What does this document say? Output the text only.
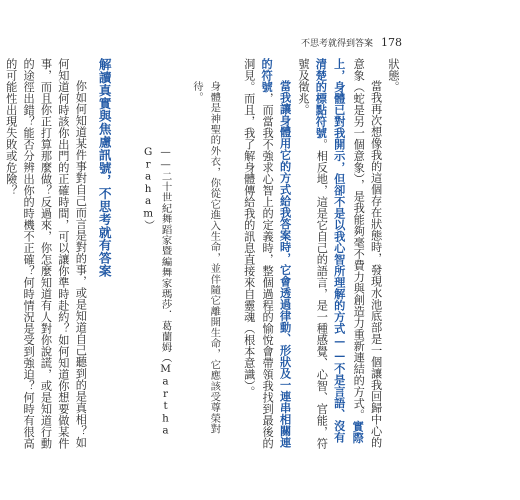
不思考就得到答案 178

狀態。

當我再次想像我的這個存在狀態時，發現水池底部是一個讓我回歸中心的意象（蛇是另一個意象），是我能夠毫不費力與創造力重新連結的方式。實際上，身體已對我開示，但卻不是以我心智所理解的方式——不是言語、沒有清楚的標點符號。相反地，這是它自己的語言，是一種感覺、心智、官能，符號及徵兆。

當我讓身體用它的方式給我答案時，它會透過律動、形狀及一連串相關連的符號，而當我不強求心智上的定義時，整個過程的愉悅會帶領我找到最後的洞見。而且，我了解身體傳給我的訊息直接來自靈魂（根本意識）。

身體是神聖的外衣，你從它進入生命，並伴隨它離開生命，它應該受尊榮對待。

——二十世紀舞蹈家暨編舞家瑪莎．葛蘭姆（Martha Graham）

解讀真實與焦慮訊號，不思考就有答案

你如何知道某件事對自己而言是對的事，或是知道自己聽到的是真相？如何知道何時該你出門的正確時間，可以讓你準時赴約？如何知道你想要做某件事，而且你正打算那麼做？反過來，你怎麼知道有人對你說謊，或是知道行動的途徑出錯？能否分辨出你的時機不正確？何時情況是受到強迫？何時有很高的可能性出現失敗或危險？
